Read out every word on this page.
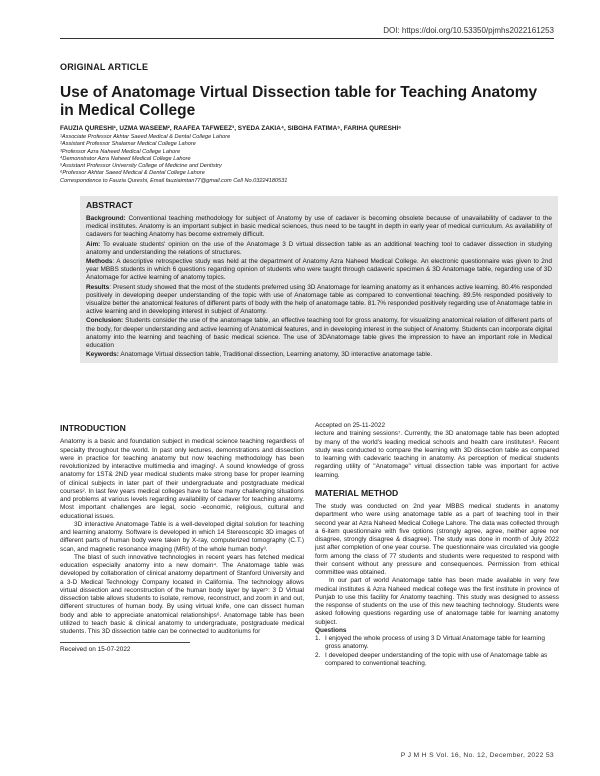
DOI: https://doi.org/10.53350/pjmhs2022161253
ORIGINAL ARTICLE
Use of Anatomage Virtual Dissection table for Teaching Anatomy in Medical College
FAUZIA QURESHI¹, UZMA WASEEM², RAAFEA TAFWEEZ³, SYEDA ZAKIA⁴, SIBGHA FATIMA⁵, FARIHA QURESHI⁶
¹Associate Professor Akhtar Saeed Medical & Dental College Lahore
²Assistant Professor Shalamar Medical College Lahore
³Professor Azra Naheed Medical College Lahore
⁴Demonstrator Azra Naheed Medical College Lahore
⁵Assistant Professor University College of Medicine and Dentistry
⁶Professor Akhtar Saeed Medical & Dental College Lahore
Correspondence to Fauzia Qureshi, Email fauziaimtan77@gmail.com Cell No.03224180531
ABSTRACT

Background: Conventional teaching methodology for subject of Anatomy by use of cadaver is becoming obsolete because of unavailability of cadaver to the medical institutes. Anatomy is an important subject in basic medical sciences, thus need to be taught in depth in early year of medical curriculum. As availability of cadavers for teaching Anatomy has become extremely difficult.

Aim: To evaluate students' opinion on the use of the Anatomage 3 D virtual dissection table as an additional teaching tool to cadaver dissection in studying anatomy and understanding the relations of structures.

Methods: A descriptive retrospective study was held at the department of Anatomy Azra Naheed Medical College. An electronic questionnaire was given to 2nd year MBBS students in which 6 questions regarding opinion of students who were taught through cadaveric specimen & 3D Anatomage table, regarding use of 3D Anatomage for active learning of anatomy topics.

Results: Present study showed that the most of the students preferred using 3D Anatomage for learning anatomy as it enhances active learning. 80.4% responded positively in developing deeper understanding of the topic with use of Anatomage table as compared to conventional teaching. 89.5% responded positively to visualize better the anatomical features of different parts of body with the help of anatomage table. 81.7% responded positively regarding use of Anatomage table in active learning and in developing interest in subject of Anatomy.

Conclusion: Students consider the use of the anatomage table, an effective teaching tool for gross anatomy, for visualizing anatomical relation of different parts of the body, for deeper understanding and active learning of Anatomical features, and in developing interest in the subject of Anatomy. Students can incorporate digital anatomy into the learning and teaching of basic medical science. The use of 3DAnatomage table gives the impression to have an important role in Medical education

Keywords: Anatomage Virtual dissection table, Traditional dissection, Learning anatomy, 3D interactive anatomage table.

INTRODUCTION

Anatomy is a basic and foundation subject in medical science teaching regardless of specialty throughout the world. In past only lectures, demonstrations and dissection were in practice for teaching anatomy but now teaching methodology has been revolutionized by interactive multimedia and imaging¹. A sound knowledge of gross anatomy for 1ST& 2ND year medical students make strong base for proper learning of clinical subjects in later part of their undergraduate and postgraduate medical courses². In last few years medical colleges have to face many challenging situations and problems at various levels regarding availability of cadaver for teaching anatomy. Most important challenges are legal, socio -economic, religious, cultural and educational issues.

3D interactive Anatomage Table is a well-developed digital solution for teaching and learning anatomy. Software is developed in which 14 Stereoscopic 3D images of different parts of human body were taken by X-ray, computerized tomography (C.T.) scan, and magnetic resonance imaging (MRI) of the whole human body³.

The blast of such innovative technologies in recent years has fetched medical education especially anatomy into a new domain⁴. The Anatomage table was developed by collaboration of clinical anatomy department of Stanford University and a 3-D Medical Technology Company located in California. The technology allows virtual dissection and reconstruction of the human body layer by layer⁵: 3 D Virtual dissection table allows students to isolate, remove, reconstruct, and zoom in and out, different structures of human body. By using virtual knife, one can dissect human body and able to appreciate anatomical relationships⁶. Anatomage table has been utilized to teach basic & clinical anatomy to undergraduate, postgraduate medical students. This 3D dissection table can be connected to auditoriums for

Received on 15-07-2022

Accepted on 25-11-2022

lecture and training sessions⁷. Currently, the 3D anatomage table has been adopted by many of the world's leading medical schools and health care institutes⁸. Recent study was conducted to compare the learning with 3D dissection table as compared to learning with cadevaric teaching in anatomy. As perception of medical students regarding utility of "Anatomage" virtual dissection table was important for active learning.

MATERIAL METHOD

The study was conducted on 2nd year MBBS medical students in anatomy department who were using anatomage table as a part of teaching tool in their second year at Azra Naheed Medical College Lahore. The data was collected through a 6-item questionnaire with five options (strongly agree, agree, neither agree nor disagree, strongly disagree & disagree). The study was done in month of July 2022 just after completion of one year course. The questionnaire was circulated via google form among the class of 77 students and students were requested to respond with their consent without any pressure and consequences. Permission from ethical committee was obtained.

In our part of world Anatomage table has been made available in very few medical institutes & Azra Naheed medical college was the first institute in province of Punjab to use this facility for Anatomy teaching. This study was designed to assess the response of students on the use of this new teaching technology. Students were asked following questions regarding use of anatomage table for learning anatomy subject.

Questions
1. I enjoyed the whole process of using 3 D Virtual Anatomage table for learning gross anatomy.
2. I developed deeper understanding of the topic with use of Anatomage table as compared to conventional teaching.
P J M H S Vol. 16, No. 12, December, 2022 53
